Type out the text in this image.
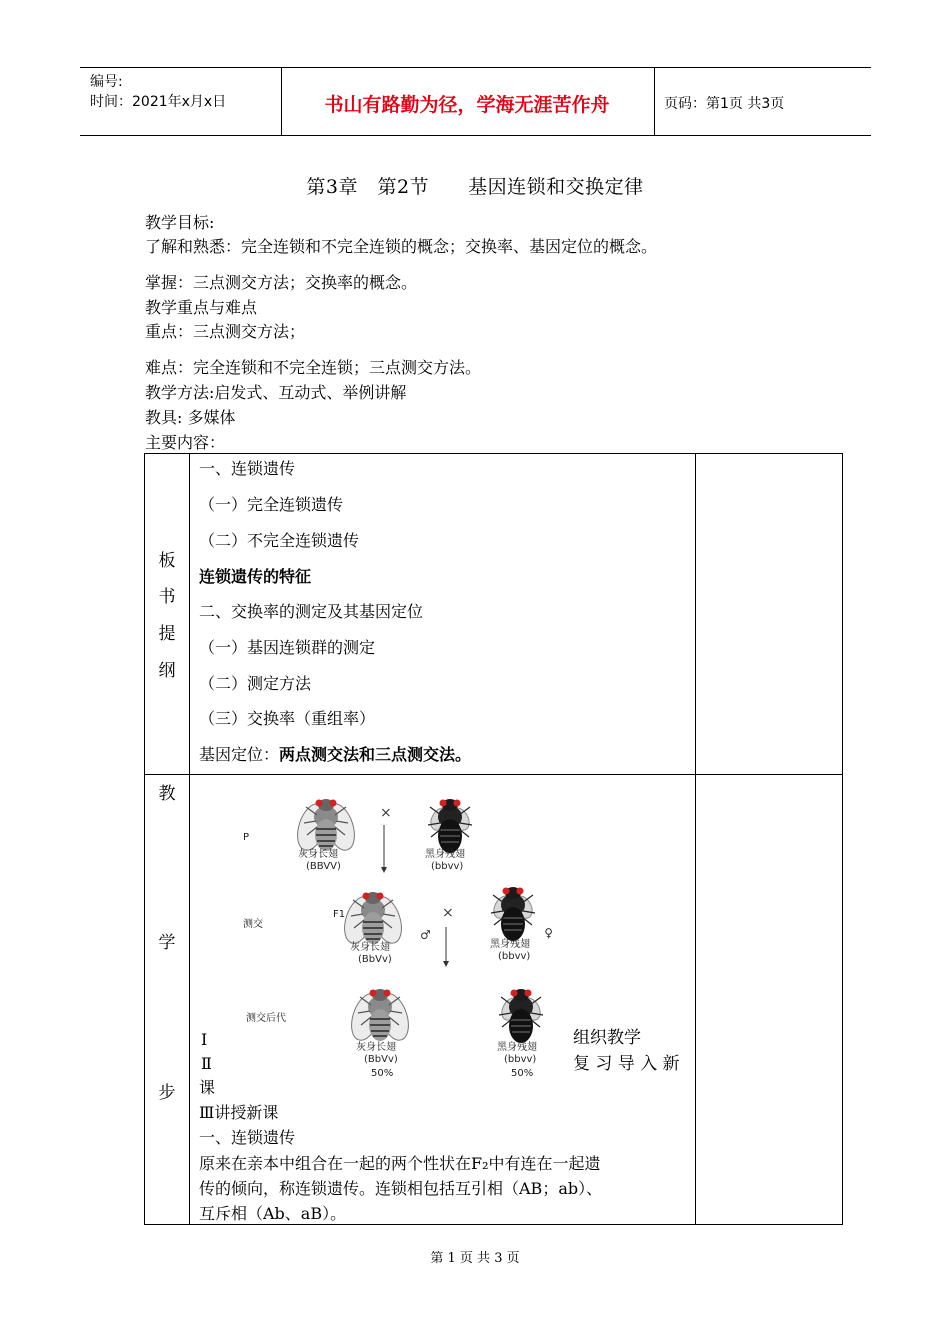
编号:
时间：2021年x月x日	书山有路勤为径，学海无涯苦作舟	页码：第1页 共3页
第3章　第2节　　基因连锁和交换定律
教学目标:
了解和熟悉：完全连锁和不完全连锁的概念；交换率、基因定位的概念。
掌握：三点测交方法；交换率的概念。
教学重点与难点
重点：三点测交方法；
难点：完全连锁和不完全连锁；三点测交方法。
教学方法:启发式、互动式、举例讲解
教具: 多媒体
主要内容：
板
书
提
纲
一、连锁遗传
（一）完全连锁遗传
（二）不完全连锁遗传
连锁遗传的特征
二、交换率的测定及其基因定位
（一）基因连锁群的测定
（二）测定方法
（三）交换率（重组率）
基因定位：两点测交法和三点测交法。
教
学
步
P
×
灰身长翅
(BBVV)
黑身残翅
(bbvv)
F1
测交
♂
×
♀
灰身长翅
(BbVv)
黑身残翅
(bbvv)
测交后代
灰身长翅
(BbVv)
50%
黑身残翅
(bbvv)
50%
Ⅰ
Ⅱ
课
组织教学
复 习 导 入 新
Ⅲ讲授新课
一、连锁遗传
原来在亲本中组合在一起的两个性状在F₂中有连在一起遗
传的倾向，称连锁遗传。连锁相包括互引相（AB；ab）、
互斥相（Ab、aB）。
第 1 页 共 3 页
